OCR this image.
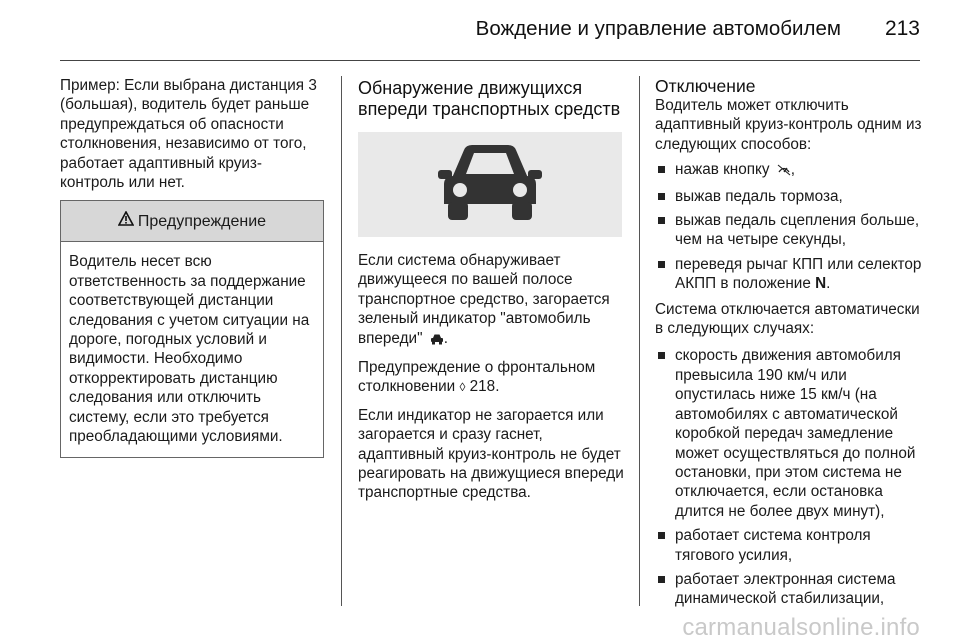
Вождение и управление автомобилем 213

Пример: Если выбрана дистанция 3 (большая), водитель будет раньше предупреждаться об опасности столкновения, независимо от того, работает адаптивный круиз-контроль или нет.

Предупреждение
Водитель несет всю ответственность за поддержание соответствующей дистанции следования с учетом ситуации на дороге, погодных условий и видимости. Необходимо откорректировать дистанцию следования или отключить систему, если это требуется преобладающими условиями.
Обнаружение движущихся впереди транспортных средств

Если система обнаруживает движущееся по вашей полосе транспортное средство, загорается зеленый индикатор "автомобиль впереди" .

Предупреждение о фронтальном столкновении ◊ 218.

Если индикатор не загорается или загорается и сразу гаснет, адаптивный круиз-контроль не будет реагировать на движущиеся впереди транспортные средства.

Отключение

Водитель может отключить адаптивный круиз-контроль одним из следующих способов:

нажав кнопку ,
выжав педаль тормоза,
выжав педаль сцепления больше, чем на четыре секунды,
переведя рычаг КПП или селектор АКПП в положение N.

Система отключается автоматически в следующих случаях:

скорость движения автомобиля превысила 190 км/ч или опустилась ниже 15 км/ч (на автомобилях с автоматической коробкой передач замедление может осуществляться до полной остановки, при этом система не отключается, если остановка длится не более двух минут),
работает система контроля тягового усилия,
работает электронная система динамической стабилизации,
carmanualsonline.info
